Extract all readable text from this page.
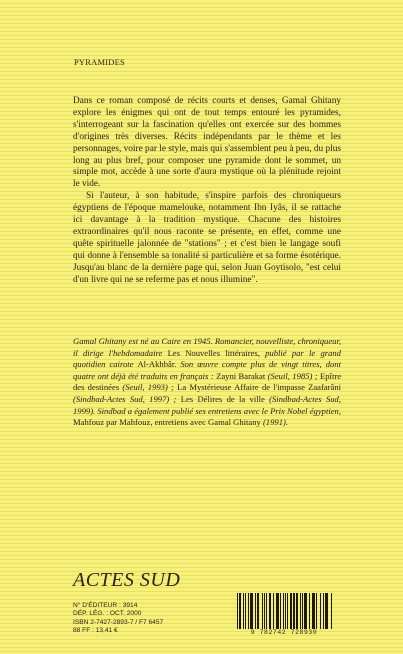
PYRAMIDES

Dans ce roman composé de récits courts et denses, Gamal Ghitany explore les énigmes qui ont de tout temps entouré les pyramides, s'interrogeant sur la fascination qu'elles ont exercée sur des hommes d'origines très diverses. Récits indépendants par le thème et les personnages, voire par le style, mais qui s'assemblent peu à peu, du plus long au plus bref, pour composer une pyramide dont le sommet, un simple mot, accède à une sorte d'aura mystique où la plénitude rejoint le vide.

Si l'auteur, à son habitude, s'inspire parfois des chroniqueurs égyptiens de l'époque mamelouke, notamment Ibn Iyâs, il se rattache ici davantage à la tradition mystique. Chacune des histoires extraordinaires qu'il nous raconte se présente, en effet, comme une quête spirituelle jalonnée de "stations" ; et c'est bien le langage soufi qui donne à l'ensemble sa tonalité si particulière et sa forme ésotérique. Jusqu'au blanc de la dernière page qui, selon Juan Goytisolo, "est celui d'un livre qui ne se referme pas et nous illumine".

Gamal Ghitany est né au Caire en 1945. Romancier, nouvelliste, chroniqueur, il dirige l'hebdomadaire Les Nouvelles littéraires, publié par le grand quotidien cairote Al-Akhbâr. Son œuvre compte plus de vingt titres, dont quatre ont déjà été traduits en français : Zayni Barakat (Seuil, 1985) ; Epître des destinées (Seuil, 1993) ; La Mystérieuse Affaire de l'impasse Zaafarâni (Sindbad-Actes Sud, 1997) ; Les Délires de la ville (Sindbad-Actes Sud, 1999). Sindbad a également publié ses entretiens avec le Prix Nobel égyptien, Mahfouz par Mahfouz, entretiens avec Gamal Ghitany (1991).
ACTES SUD
N° D'ÉDITEUR : 3914
DÉP. LÉG. : OCT. 2000
ISBN 2-7427-2893-7 / F7 6457
88 FF : 13,41 €	9 782742 728930
